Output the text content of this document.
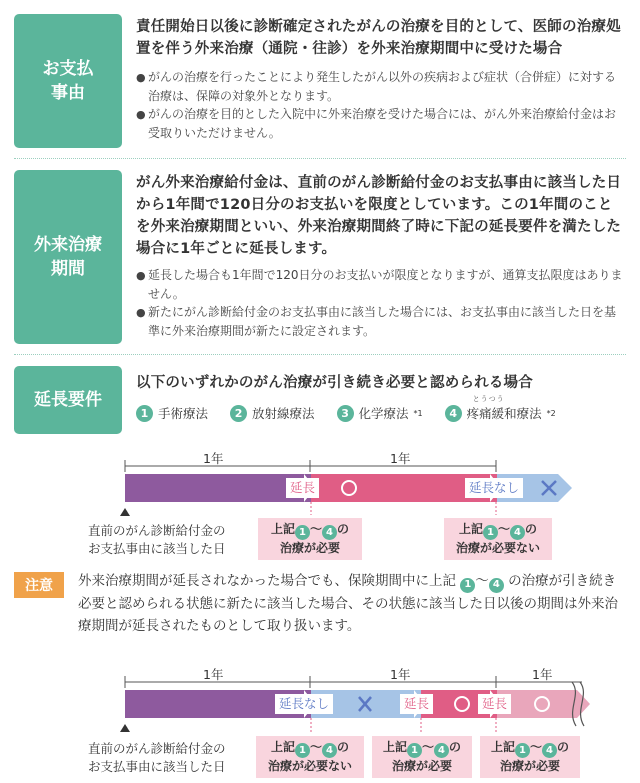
お支払
事由

責任開始日以後に診断確定されたがんの治療を目的として、医師の治療処置を伴う外来治療（通院・往診）を外来治療期間中に受けた場合

● がんの治療を行ったことにより発生したがん以外の疾病および症状（合併症）に対する治療は、保障の対象外となります。

● がんの治療を目的とした入院中に外来治療を受けた場合には、がん外来治療給付金はお受取りいただけません。

外来治療
期間

がん外来治療給付金は、直前のがん診断給付金のお支払事由に該当した日から1年間で120日分のお支払いを限度としています。この1年間のことを外来治療期間といい、外来治療期間終了時に下記の延長要件を満たした場合に1年ごとに延長します。

● 延長した場合も1年間で120日分のお支払いが限度となりますが、通算支払限度はありません。

● 新たにがん診断給付金のお支払事由に該当した場合には、お支払事由に該当した日を基準に外来治療期間が新たに設定されます。

延長要件

以下のいずれかのがん治療が引き続き必要と認められる場合

1 手術療法	2 放射線療法	3 化学療法 *1
とうつう
4 疼痛緩和療法 *2
1年	1年
延長	延長なし
直前のがん診断給付金の
お支払事由に該当した日
上記 1 ～ 4 の
治療が必要
上記 1 ～ 4 の
治療が必要ない
注意	外来治療期間が延長されなかった場合でも、保険期間中に上記 1 ～ 4 の治療が引き続き必要と認められる状態に新たに該当した場合、その状態に該当した日以後の期間は外来治療期間が延長されたものとして取り扱います。

1年	1年	1年
延長なし	延長	延長
直前のがん診断給付金の
お支払事由に該当した日
上記 1 ～ 4 の
治療が必要ない
上記 1 ～ 4 の
治療が必要
上記 1 ～ 4 の
治療が必要
